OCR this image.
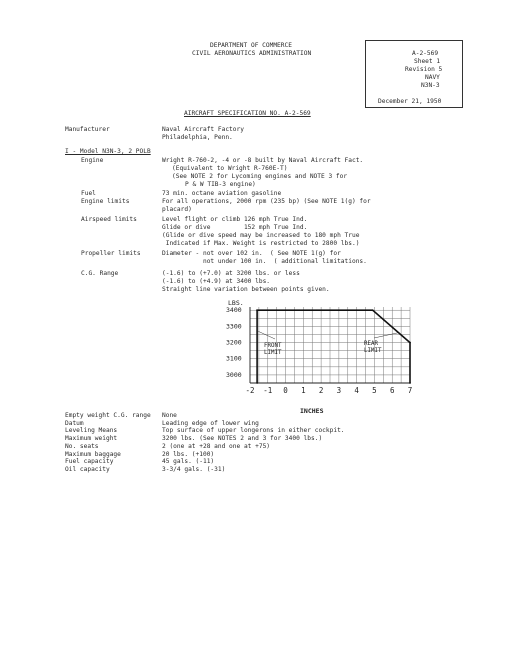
DEPARTMENT OF COMMERCE
CIVIL AERONAUTICS ADMINISTRATION	A-2-569
Sheet 1
Revision 5
NAVY
N3N-3
December 21, 1950
AIRCRAFT SPECIFICATION NO. A-2-569
Manufacturer	Naval Aircraft Factory
Philadelphia, Penn.
I - Model N3N-3, 2 POLB
Engine	Wright R-760-2, -4 or -8 built by Naval Aircraft Fact.
(Equivalent to Wright R-760E-T)
(See NOTE 2 for Lycoming engines and NOTE 3 for
P & W TIB-3 engine)
Fuel	73 min. octane aviation gasoline
Engine limits	For all operations, 2000 rpm (235 bp) (See NOTE 1(g) for
placard)
Airspeed limits	Level flight or climb 126 mph True Ind.
Glide or dive         152 mph True Ind.
(Glide or dive speed may be increased to 180 mph True
Indicated if Max. Weight is restricted to 2800 lbs.)
Propeller limits	Diameter - not over 102 in.  ( See NOTE 1(g) for
not under 100 in.  ( additional limitations.
C.G. Range	(-1.6) to (+7.0) at 3200 lbs. or less
(-1.6) to (+4.9) at 3400 lbs.
Straight line variation between points given.
3400
3300
3200
3100
3000
-2 -1 0 1 2 3 4 5 6 7
LBS.
INCHES
FRONT
LIMIT
REAR
LIMIT
Empty weight C.G. range None
Datum	Leading edge of lower wing
Leveling Means	Top surface of upper longerons in either cockpit.
Maximum weight	3200 lbs. (See NOTES 2 and 3 for 3400 lbs.)
No. seats	2 (one at +28 and one at +75)
Maximum baggage	20 lbs. (+100)
Fuel capacity	45 gals. (-11)
Oil capacity	3-3/4 gals. (-31)
